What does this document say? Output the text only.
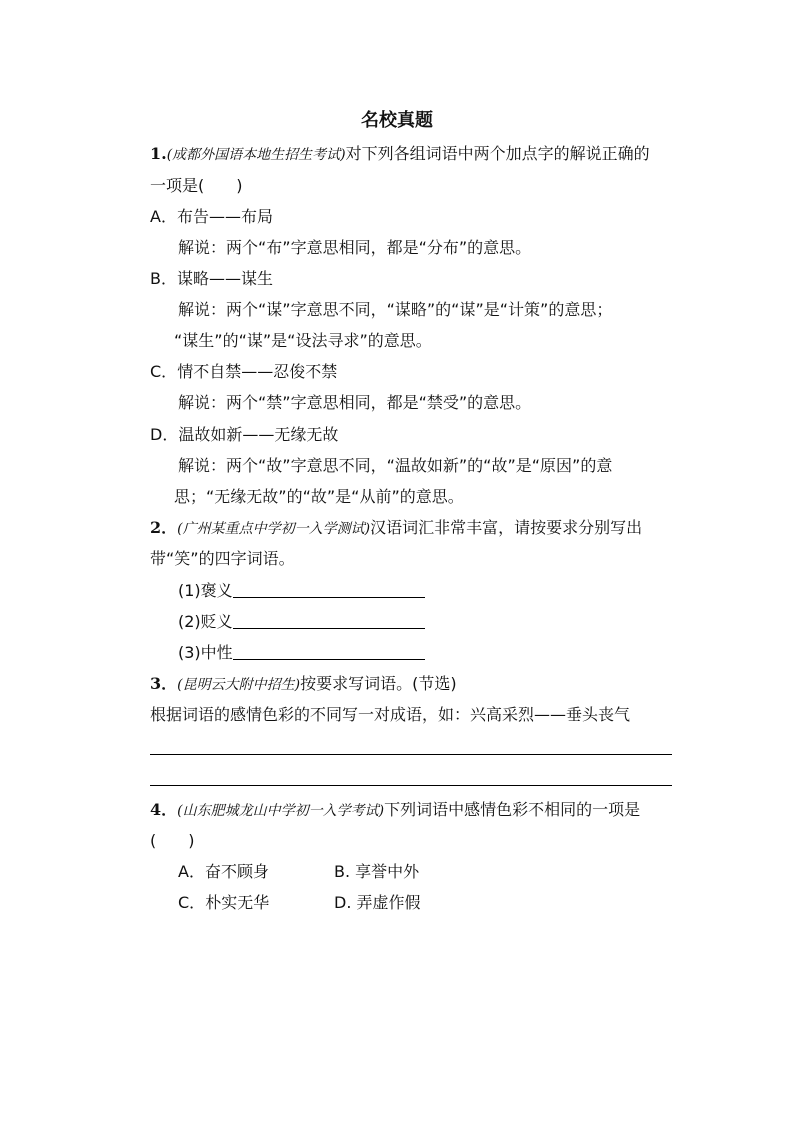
名校真题
1.(成都外国语本地生招生考试)对下列各组词语中两个加点字的解说正确的
一项是(　　)
A．布告——布局
解说：两个“布”字意思相同，都是“分布”的意思。
B．谋略——谋生
解说：两个“谋”字意思不同，“谋略”的“谋”是“计策”的意思；
“谋生”的“谋”是“设法寻求”的意思。
C．情不自禁——忍俊不禁
解说：两个“禁”字意思相同，都是“禁受”的意思。
D．温故如新——无缘无故
解说：两个“故”字意思不同，“温故如新”的“故”是“原因”的意
思；“无缘无故”的“故”是“从前”的意思。
2．(广州某重点中学初一入学测试)汉语词汇非常丰富，请按要求分别写出
带“笑”的四字词语。
(1)褒义
(2)贬义
(3)中性
3．(昆明云大附中招生)按要求写词语。(节选)
根据词语的感情色彩的不同写一对成语，如：兴高采烈——垂头丧气
4．(山东肥城龙山中学初一入学考试)下列词语中感情色彩不相同的一项是
(　　)
A．奋不顾身	B. 享誉中外
C．朴实无华	D. 弄虚作假
